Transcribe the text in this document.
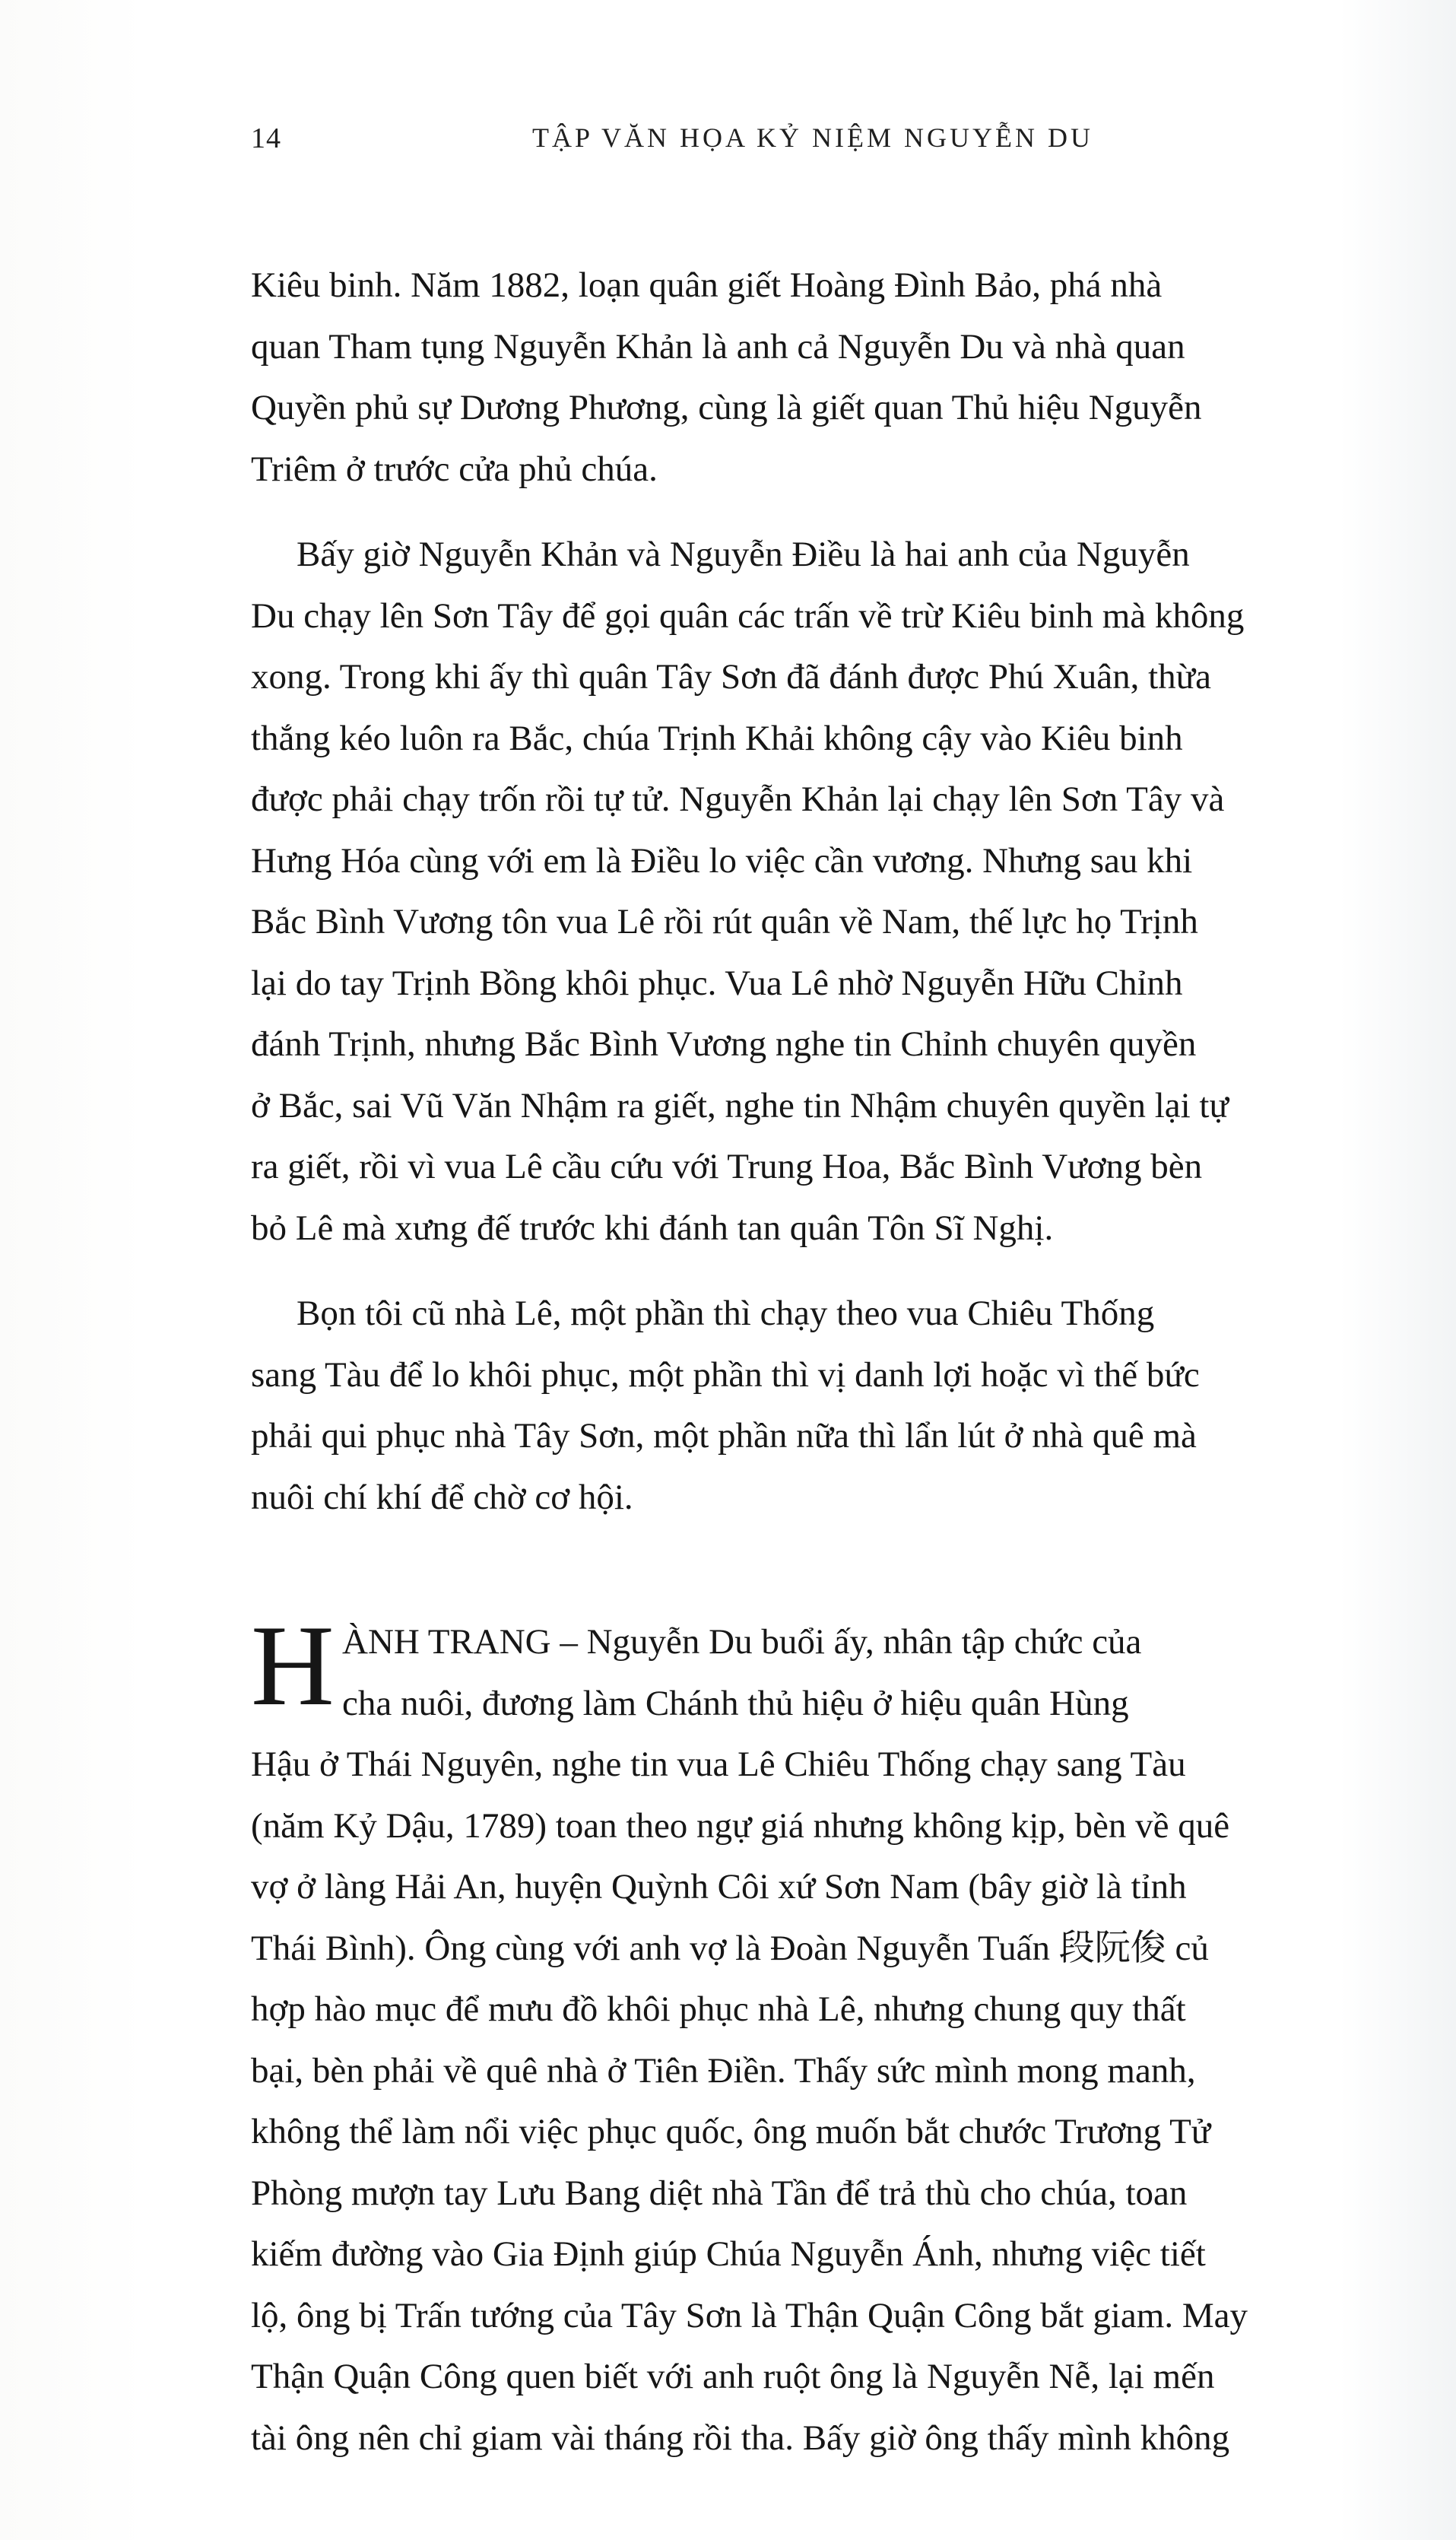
14	TẬP VĂN HỌA KỶ NIỆM NGUYỄN DU
Kiêu binh. Năm 1882, loạn quân giết Hoàng Đình Bảo, phá nhà
quan Tham tụng Nguyễn Khản là anh cả Nguyễn Du và nhà quan
Quyền phủ sự Dương Phương, cùng là giết quan Thủ hiệu Nguyễn
Triêm ở trước cửa phủ chúa.
Bấy giờ Nguyễn Khản và Nguyễn Điều là hai anh của Nguyễn
Du chạy lên Sơn Tây để gọi quân các trấn về trừ Kiêu binh mà không
xong. Trong khi ấy thì quân Tây Sơn đã đánh được Phú Xuân, thừa
thắng kéo luôn ra Bắc, chúa Trịnh Khải không cậy vào Kiêu binh
được phải chạy trốn rồi tự tử. Nguyễn Khản lại chạy lên Sơn Tây và
Hưng Hóa cùng với em là Điều lo việc cần vương. Nhưng sau khi
Bắc Bình Vương tôn vua Lê rồi rút quân về Nam, thế lực họ Trịnh
lại do tay Trịnh Bồng khôi phục. Vua Lê nhờ Nguyễn Hữu Chỉnh
đánh Trịnh, nhưng Bắc Bình Vương nghe tin Chỉnh chuyên quyền
ở Bắc, sai Vũ Văn Nhậm ra giết, nghe tin Nhậm chuyên quyền lại tự
ra giết, rồi vì vua Lê cầu cứu với Trung Hoa, Bắc Bình Vương bèn
bỏ Lê mà xưng đế trước khi đánh tan quân Tôn Sĩ Nghị.
Bọn tôi cũ nhà Lê, một phần thì chạy theo vua Chiêu Thống
sang Tàu để lo khôi phục, một phần thì vị danh lợi hoặc vì thế bức
phải qui phục nhà Tây Sơn, một phần nữa thì lẩn lút ở nhà quê mà
nuôi chí khí để chờ cơ hội.
H ÀNH TRANG – Nguyễn Du buổi ấy, nhân tập chức của
cha nuôi, đương làm Chánh thủ hiệu ở hiệu quân Hùng
Hậu ở Thái Nguyên, nghe tin vua Lê Chiêu Thống chạy sang Tàu
(năm Kỷ Dậu, 1789) toan theo ngự giá nhưng không kịp, bèn về quê
vợ ở làng Hải An, huyện Quỳnh Côi xứ Sơn Nam (bây giờ là tỉnh
Thái Bình). Ông cùng với anh vợ là Đoàn Nguyễn Tuấn 段阮俊 củ
hợp hào mục để mưu đồ khôi phục nhà Lê, nhưng chung quy thất
bại, bèn phải về quê nhà ở Tiên Điền. Thấy sức mình mong manh,
không thể làm nổi việc phục quốc, ông muốn bắt chước Trương Tử
Phòng mượn tay Lưu Bang diệt nhà Tần để trả thù cho chúa, toan
kiếm đường vào Gia Định giúp Chúa Nguyễn Ánh, nhưng việc tiết
lộ, ông bị Trấn tướng của Tây Sơn là Thận Quận Công bắt giam. May
Thận Quận Công quen biết với anh ruột ông là Nguyễn Nễ, lại mến
tài ông nên chỉ giam vài tháng rồi tha. Bấy giờ ông thấy mình không
